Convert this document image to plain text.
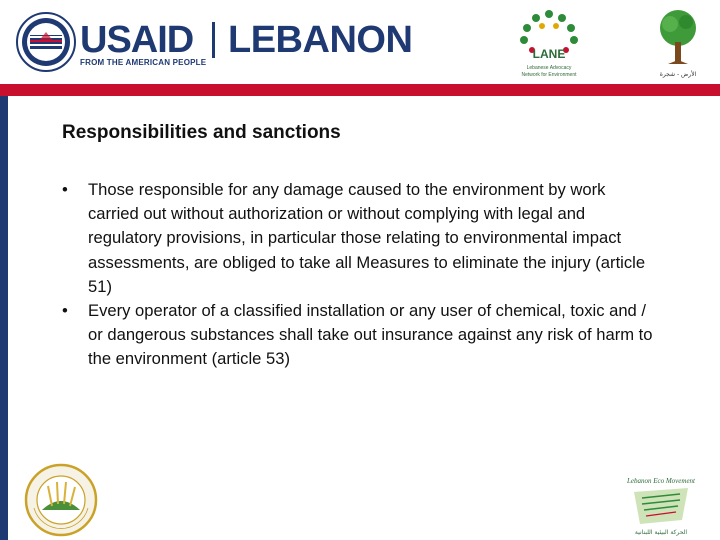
USAID LEBANON
FROM THE AMERICAN PEOPLE
LANE
Lebanese Advocacy
Network for Environment	الأرض - شجرة
Responsibilities and sanctions
• Those responsible for any damage caused to the environment by work carried out without authorization or without complying with legal and regulatory provisions, in particular those relating to environmental impact assessments, are obliged to take all Measures to eliminate the injury (article 51)
• Every operator of a classified installation or any user of chemical, toxic and / or dangerous substances shall take out insurance against any risk of harm to the environment (article 53)
Lebanon Eco Movement
الحركة البيئية اللبنانية
